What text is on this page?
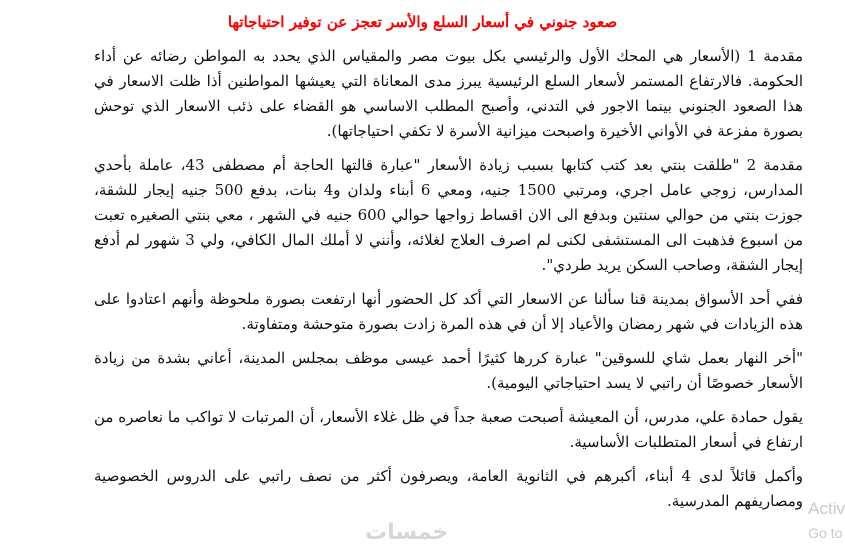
صعود جنوني في أسعار السلع والأسر تعجز عن توفير احتياجاتها

مقدمة 1 (الأسعار هي المحك الأول والرئيسي بكل بيوت مصر والمقياس الذي يحدد به المواطن رضائه عن أداء الحكومة. فالارتفاع المستمر لأسعار السلع الرئيسية يبرز مدى المعاناة التي يعيشها المواطنين أذا ظلت الاسعار في هذا الصعود الجنوني بينما الاجور في التدني، وأصبح المطلب الاساسي هو القضاء على ذئب الاسعار الذي توحش بصورة مفزعة في الأواني الأخيرة واصبحت ميزانية الأسرة لا تكفي احتياجاتها).

مقدمة 2 "طلقت بنتي بعد كتب كتابها بسبب زيادة الأسعار "عبارة قالتها الحاجة أم مصطفى 43، عاملة بأحدي المدارس، زوجي عامل اجري، ومرتبي 1500 جنيه، ومعي 6 أبناء ولدان و4 بنات، بدفع 500 جنيه إيجار للشقة، جوزت بنتي من حوالي سنتين وبدفع الى الان اقساط زواجها حوالي 600 جنيه في الشهر ، معي بنتي الصغيره تعبت من اسبوع فذهبت الى المستشفى لكنى لم اصرف العلاج لغلائه، وأنني لا أملك المال الكافي، ولي 3 شهور لم أدفع إيجار الشقة، وصاحب السكن يريد طردي".

ففي أحد الأسواق بمدينة قنا سألنا عن الاسعار التي أكد كل الحضور أنها ارتفعت بصورة ملحوظة وأنهم اعتادوا على هذه الزيادات في شهر رمضان والأعياد إلا أن في هذه المرة زادت بصورة متوحشة ومتفاوتة.

"أخر النهار بعمل شاي للسوقين" عبارة كررها كثيرًا أحمد عيسى موظف بمجلس المدينة، أعاني بشدة من زيادة الأسعار خصوصًا أن راتبي لا يسد احتياجاتي اليومية).

يقول حمادة علي، مدرس، أن المعيشة أصبحت صعبة جداً في ظل غلاء الأسعار، أن المرتبات لا تواكب ما نعاصره من ارتفاع في أسعار المتطلبات الأساسية.

وأكمل قائلاً لدى 4 أبناء، أكبرهم في الثانوية العامة، ويصرفون أكثر من نصف راتبي على الدروس الخصوصية ومصاريفهم المدرسية. Activ
Go to
خمسات
